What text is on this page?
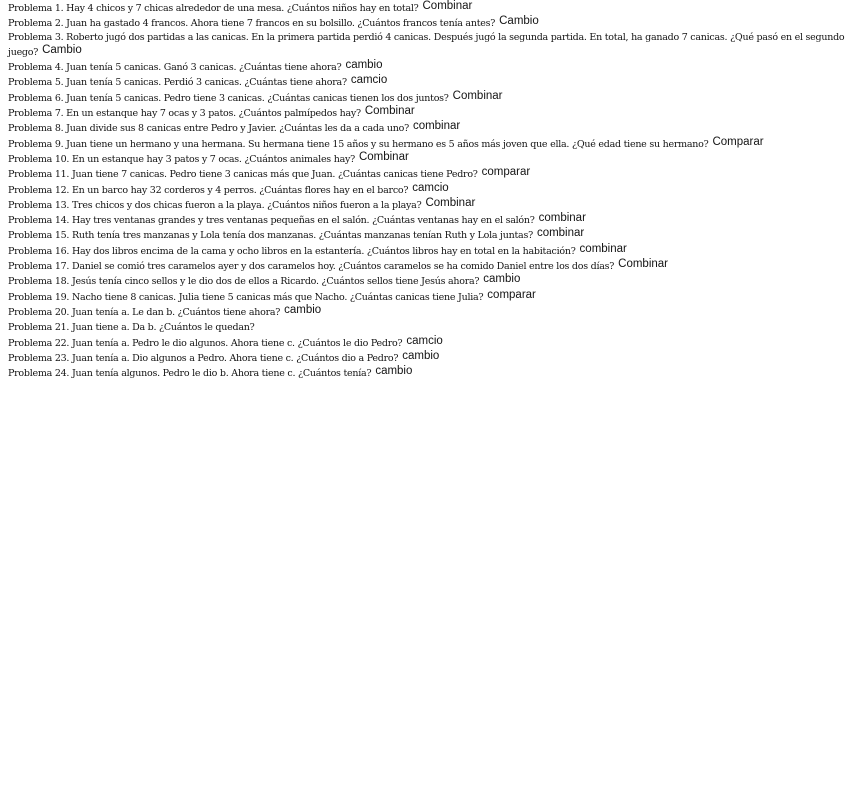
Problema 1. Hay 4 chicos y 7 chicas alrededor de una mesa. ¿Cuántos niños hay en total? Combinar
Problema 2. Juan ha gastado 4 francos. Ahora tiene 7 francos en su bolsillo. ¿Cuántos francos tenía antes? Cambio
Problema 3. Roberto jugó dos partidas a las canicas. En la primera partida perdió 4 canicas. Después jugó la segunda partida. En total, ha ganado 7 canicas. ¿Qué pasó en el segundo juego? Cambio
Problema 4. Juan tenía 5 canicas. Ganó 3 canicas. ¿Cuántas tiene ahora? cambio
Problema 5. Juan tenía 5 canicas. Perdió 3 canicas. ¿Cuántas tiene ahora? camcio
Problema 6. Juan tenía 5 canicas. Pedro tiene 3 canicas. ¿Cuántas canicas tienen los dos juntos? Combinar
Problema 7. En un estanque hay 7 ocas y 3 patos. ¿Cuántos palmípedos hay? Combinar
Problema 8. Juan divide sus 8 canicas entre Pedro y Javier. ¿Cuántas les da a cada uno? combinar
Problema 9. Juan tiene un hermano y una hermana. Su hermana tiene 15 años y su hermano es 5 años más joven que ella. ¿Qué edad tiene su hermano? Comparar
Problema 10. En un estanque hay 3 patos y 7 ocas. ¿Cuántos animales hay? Combinar
Problema 11. Juan tiene 7 canicas. Pedro tiene 3 canicas más que Juan. ¿Cuántas canicas tiene Pedro? comparar
Problema 12. En un barco hay 32 corderos y 4 perros. ¿Cuántas flores hay en el barco? camcio
Problema 13. Tres chicos y dos chicas fueron a la playa. ¿Cuántos niños fueron a la playa? Combinar
Problema 14. Hay tres ventanas grandes y tres ventanas pequeñas en el salón. ¿Cuántas ventanas hay en el salón? combinar
Problema 15. Ruth tenía tres manzanas y Lola tenía dos manzanas. ¿Cuántas manzanas tenían Ruth y Lola juntas? combinar
Problema 16. Hay dos libros encima de la cama y ocho libros en la estantería. ¿Cuántos libros hay en total en la habitación? combinar
Problema 17. Daniel se comió tres caramelos ayer y dos caramelos hoy. ¿Cuántos caramelos se ha comido Daniel entre los dos días? Combinar
Problema 18. Jesús tenía cinco sellos y le dio dos de ellos a Ricardo. ¿Cuántos sellos tiene Jesús ahora? cambio
Problema 19. Nacho tiene 8 canicas. Julia tiene 5 canicas más que Nacho. ¿Cuántas canicas tiene Julia? comparar
Problema 20. Juan tenía a. Le dan b. ¿Cuántos tiene ahora? cambio
Problema 21. Juan tiene a. Da b. ¿Cuántos le quedan?
Problema 22. Juan tenía a. Pedro le dio algunos. Ahora tiene c. ¿Cuántos le dio Pedro? camcio
Problema 23. Juan tenía a. Dio algunos a Pedro. Ahora tiene c. ¿Cuántos dio a Pedro? cambio
Problema 24. Juan tenía algunos. Pedro le dio b. Ahora tiene c. ¿Cuántos tenía? cambio
